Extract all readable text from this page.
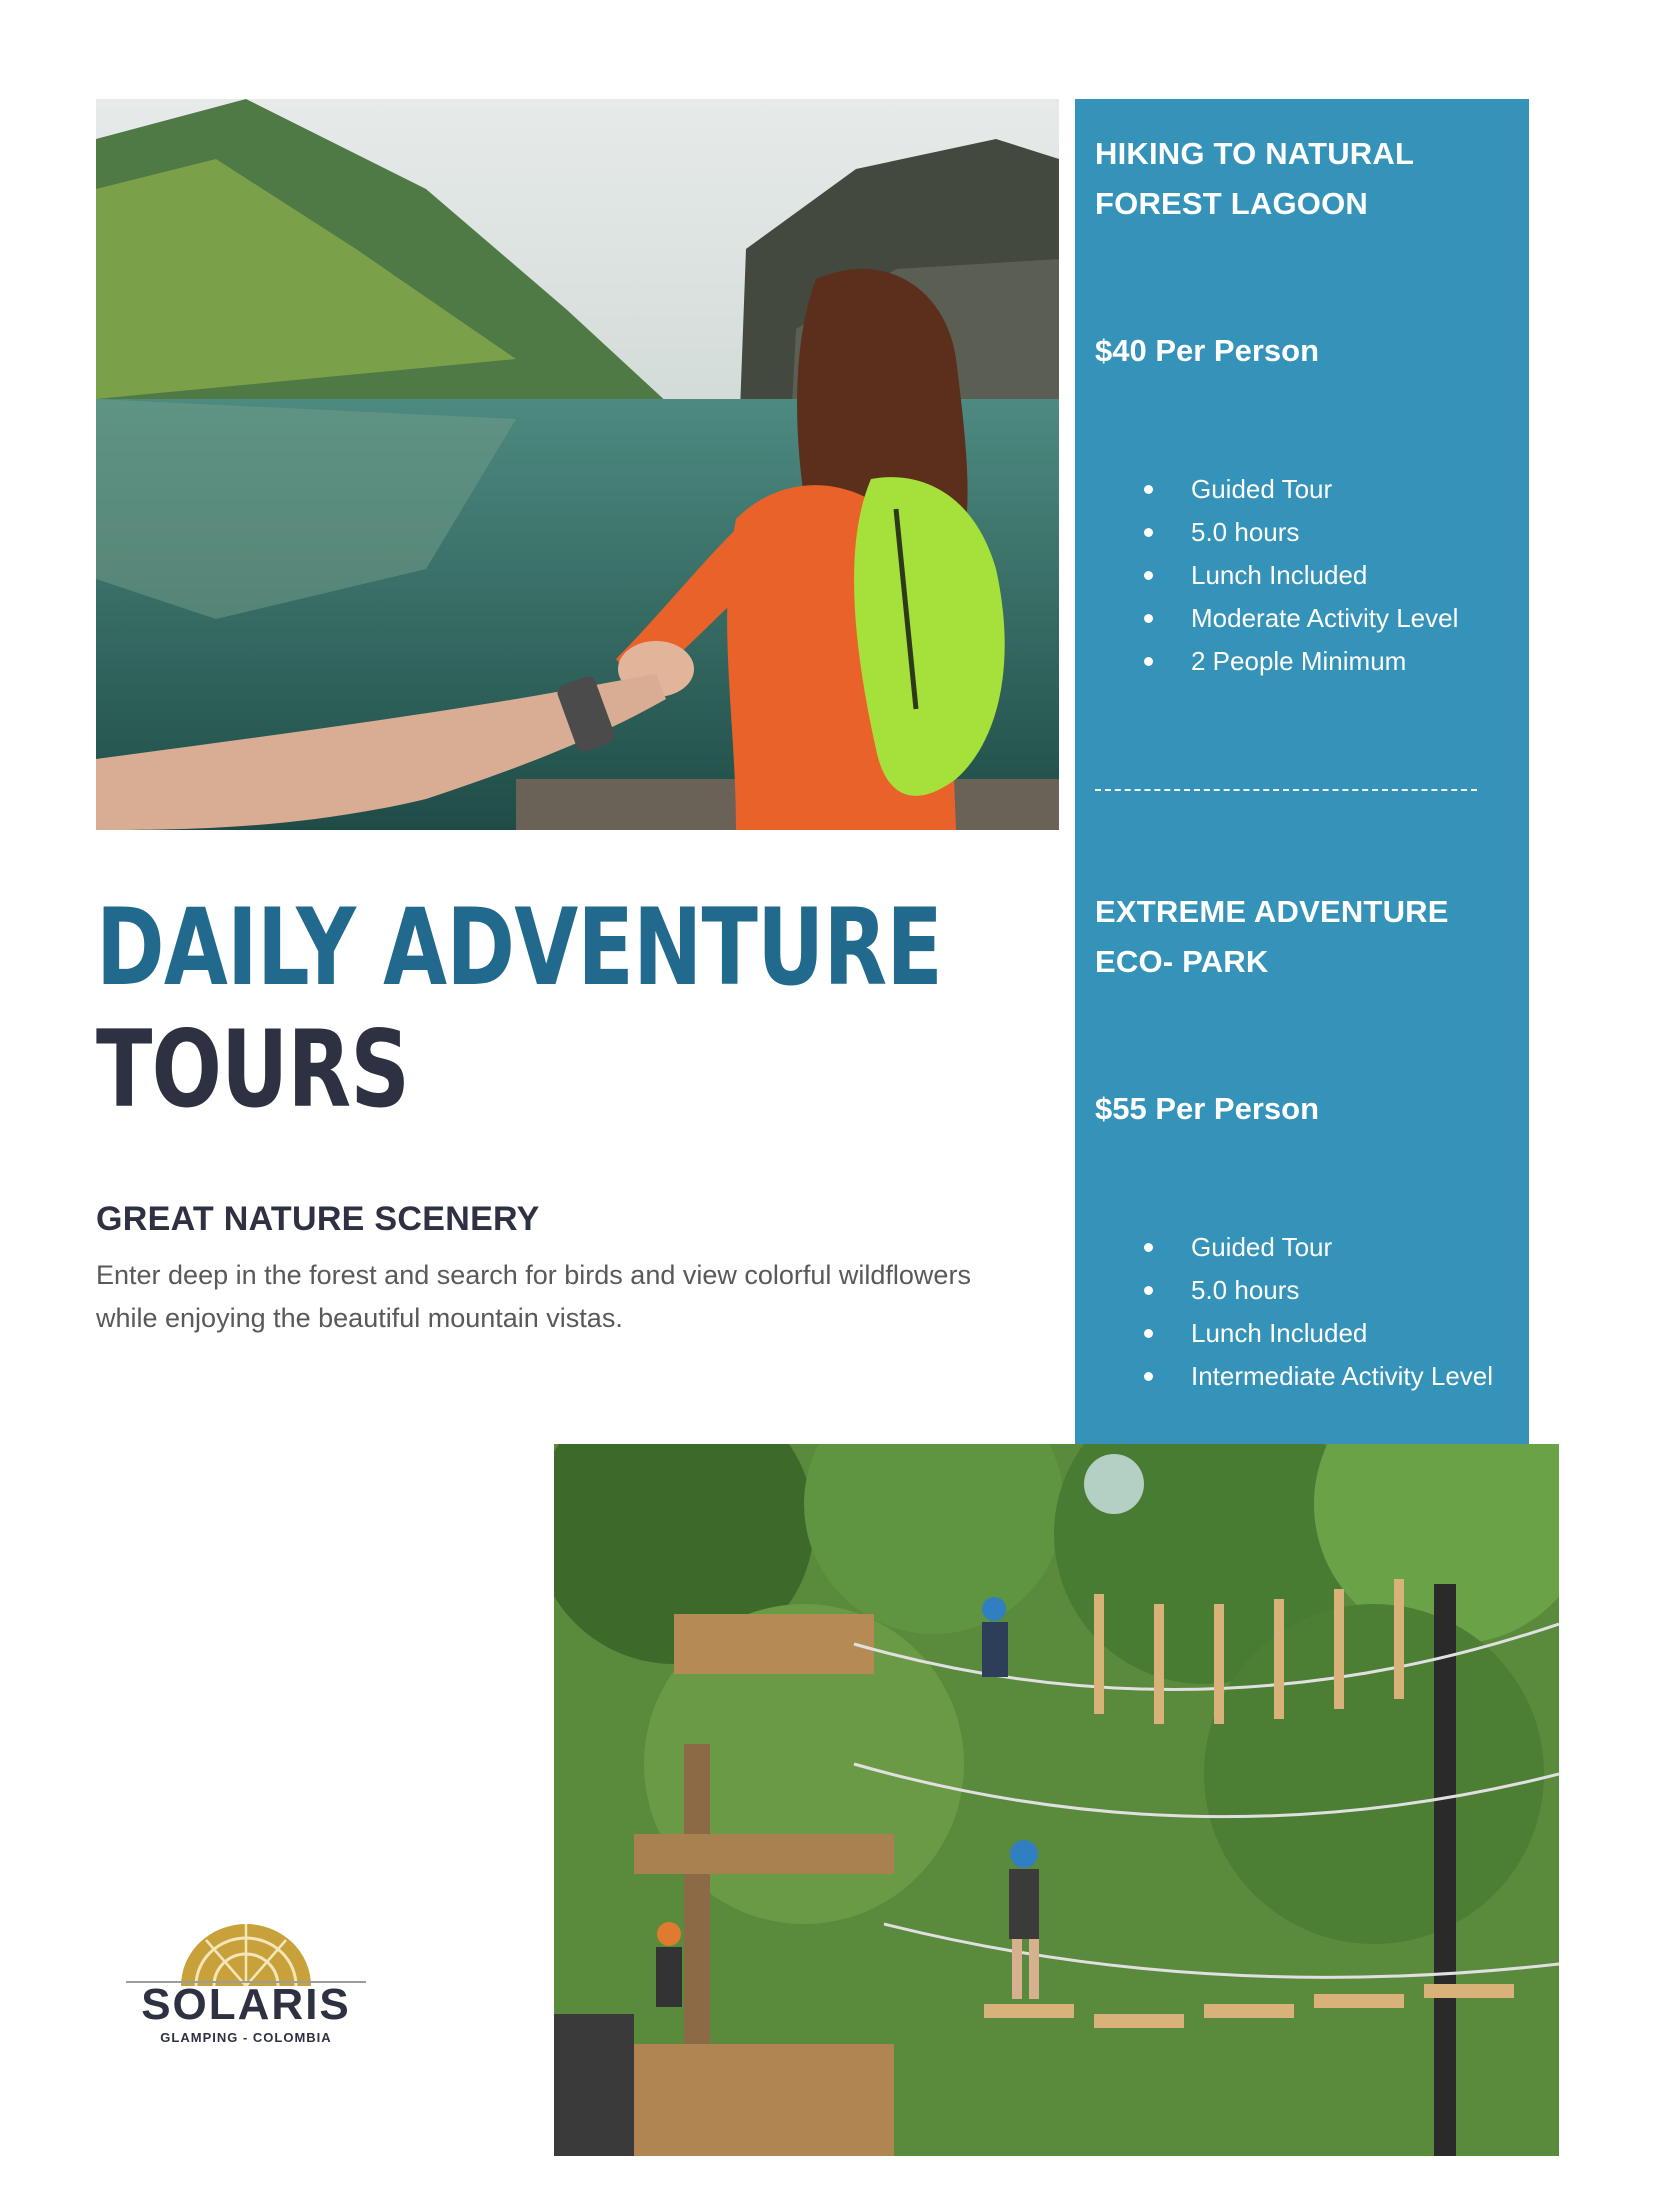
HIKING TO NATURAL
FOREST LAGOON
$40 Per Person
Guided Tour
5.0 hours
Lunch Included
Moderate Activity Level
2 People Minimum
EXTREME ADVENTURE
ECO- PARK
$55 Per Person
Guided Tour
5.0 hours
Lunch Included
Intermediate Activity Level
DAILY ADVENTURE
TOURS
GREAT NATURE SCENERY
Enter deep in the forest and search for birds and view colorful wildflowers while enjoying the beautiful mountain vistas.
SOLARIS
GLAMPING - COLOMBIA
